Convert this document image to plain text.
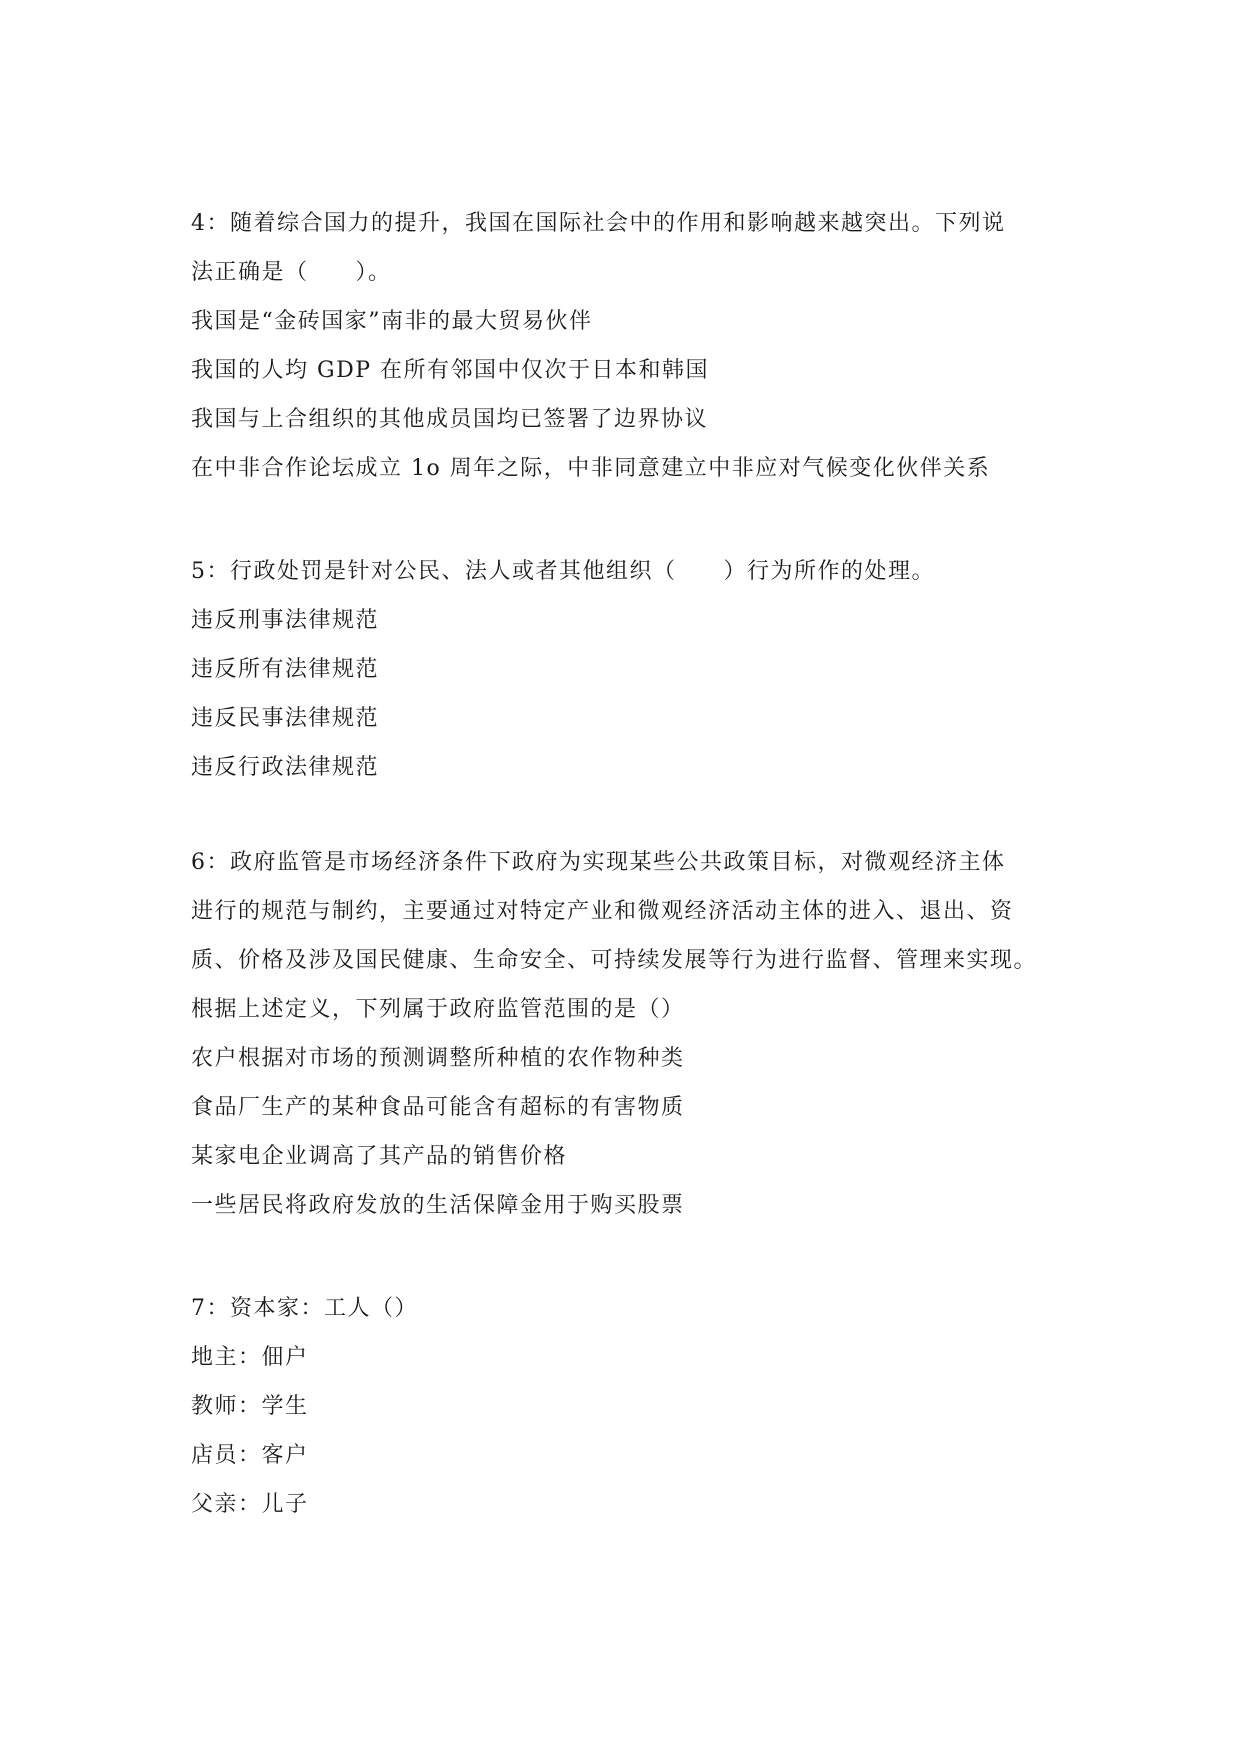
4：随着综合国力的提升，我国在国际社会中的作用和影响越来越突出。下列说
法正确是（　　）。
我国是“金砖国家”南非的最大贸易伙伴
我国的人均 GDP 在所有邻国中仅次于日本和韩国
我国与上合组织的其他成员国均已签署了边界协议
在中非合作论坛成立 1o 周年之际，中非同意建立中非应对气候变化伙伴关系
5：行政处罚是针对公民、法人或者其他组织（　　）行为所作的处理。
违反刑事法律规范
违反所有法律规范
违反民事法律规范
违反行政法律规范
6：政府监管是市场经济条件下政府为实现某些公共政策目标，对微观经济主体
进行的规范与制约，主要通过对特定产业和微观经济活动主体的进入、退出、资
质、价格及涉及国民健康、生命安全、可持续发展等行为进行监督、管理来实现。
根据上述定义，下列属于政府监管范围的是（）
农户根据对市场的预测调整所种植的农作物种类
食品厂生产的某种食品可能含有超标的有害物质
某家电企业调高了其产品的销售价格
一些居民将政府发放的生活保障金用于购买股票
7：资本家：工人（）
地主：佃户
教师：学生
店员：客户
父亲：儿子
